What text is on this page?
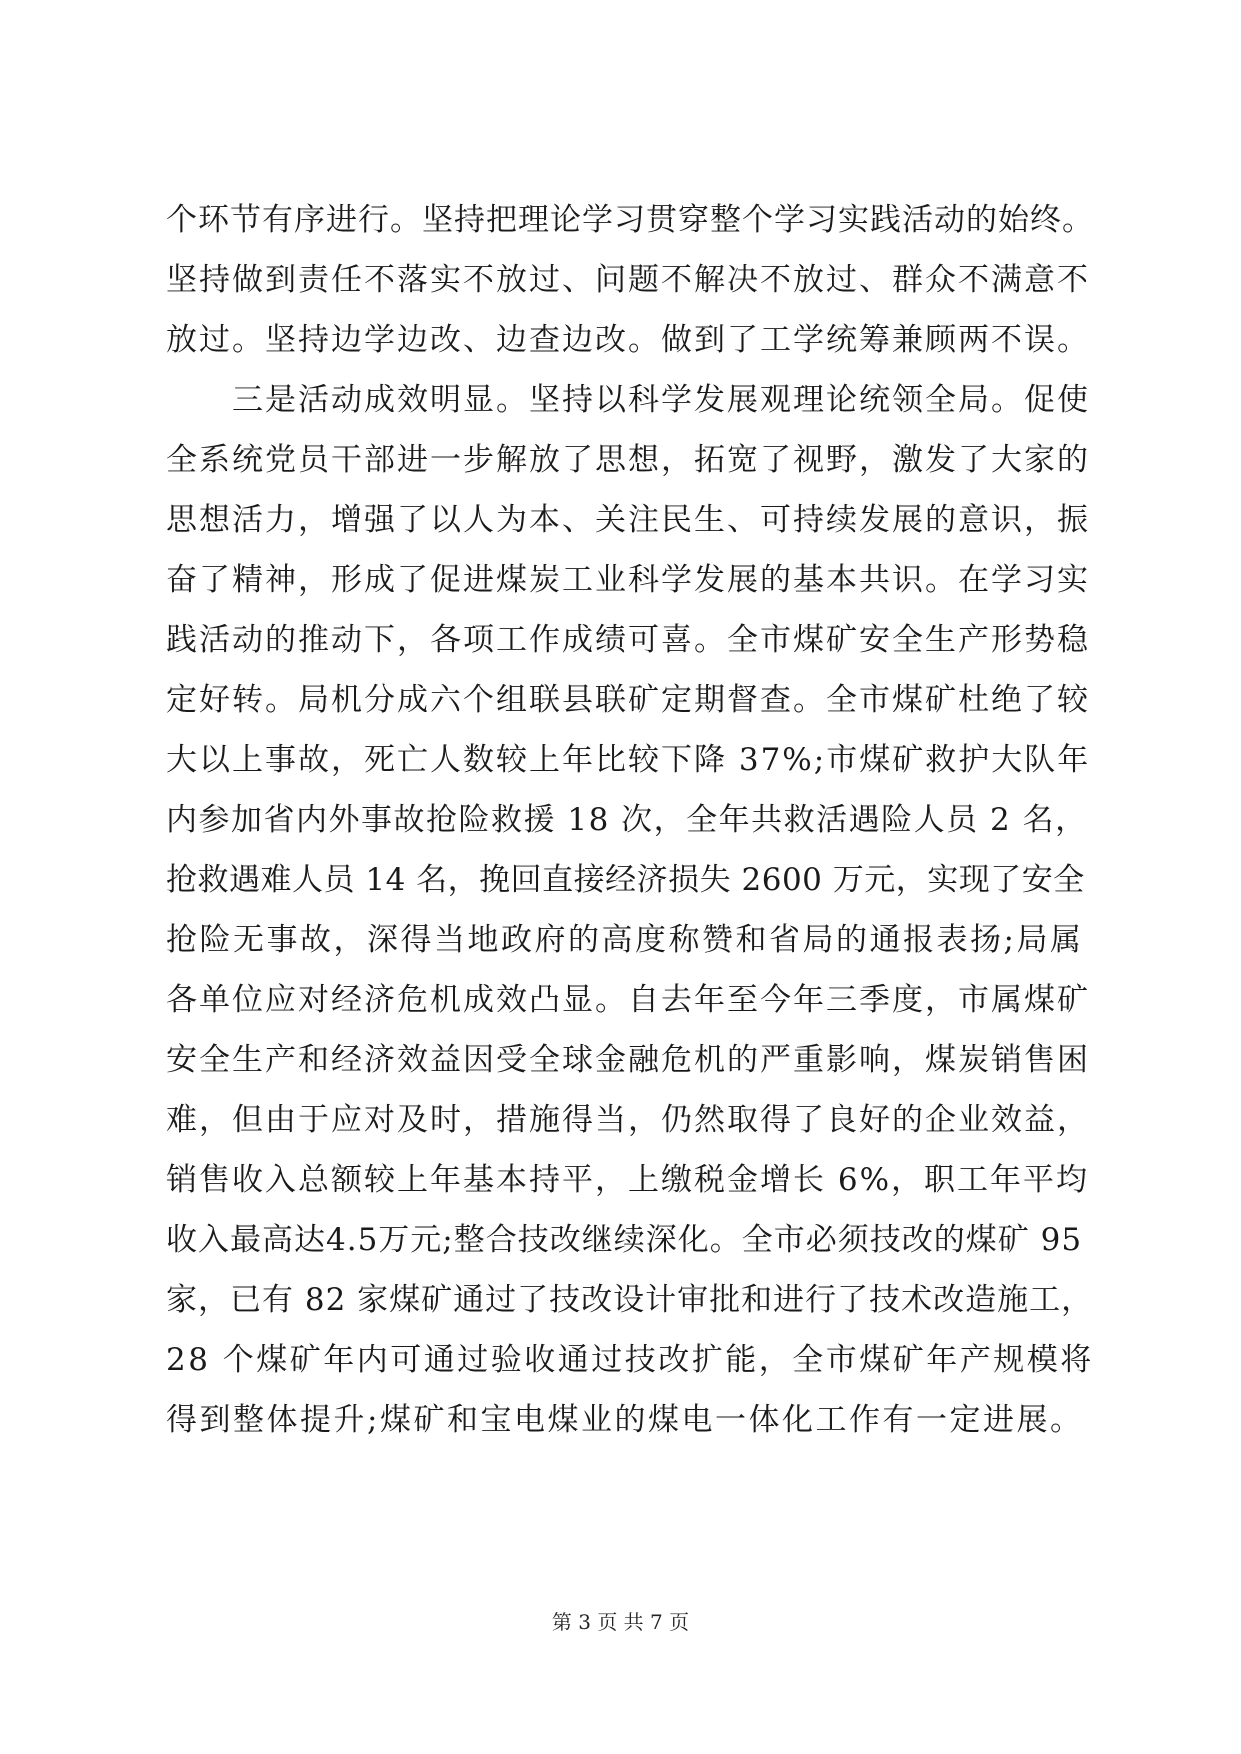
个环节有序进行。坚持把理论学习贯穿整个学习实践活动的始终。
坚持做到责任不落实不放过、问题不解决不放过、群众不满意不
放过。坚持边学边改、边查边改。做到了工学统筹兼顾两不误。
　　三是活动成效明显。坚持以科学发展观理论统领全局。促使
全系统党员干部进一步解放了思想，拓宽了视野，激发了大家的
思想活力，增强了以人为本、关注民生、可持续发展的意识，振
奋了精神，形成了促进煤炭工业科学发展的基本共识。在学习实
践活动的推动下，各项工作成绩可喜。全市煤矿安全生产形势稳
定好转。局机分成六个组联县联矿定期督查。全市煤矿杜绝了较
大以上事故，死亡人数较上年比较下降 37%;市煤矿救护大队年
内参加省内外事故抢险救援 18 次，全年共救活遇险人员 2 名，
抢救遇难人员 14 名，挽回直接经济损失 2600 万元，实现了安全
抢险无事故，深得当地政府的高度称赞和省局的通报表扬;局属
各单位应对经济危机成效凸显。自去年至今年三季度，市属煤矿
安全生产和经济效益因受全球金融危机的严重影响，煤炭销售困
难，但由于应对及时，措施得当，仍然取得了良好的企业效益，
销售收入总额较上年基本持平，上缴税金增长 6%，职工年平均
收入最高达4.5万元;整合技改继续深化。全市必须技改的煤矿 95
家，已有 82 家煤矿通过了技改设计审批和进行了技术改造施工，
28 个煤矿年内可通过验收通过技改扩能，全市煤矿年产规模将
得到整体提升;煤矿和宝电煤业的煤电一体化工作有一定进展。
第 3 页 共 7 页
